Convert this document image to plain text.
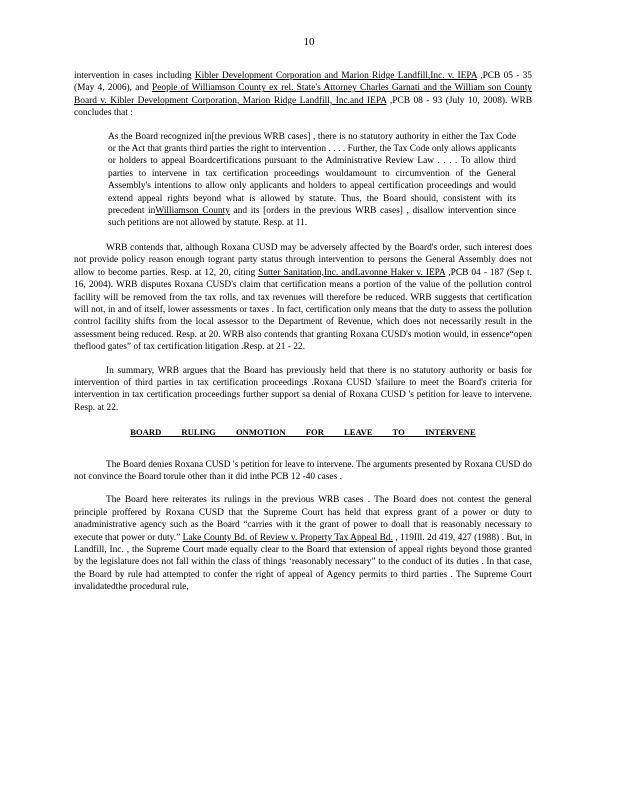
10

intervention in cases including Kibler Development Corporation and Marion Ridge Landfill,Inc. v. IEPA ,PCB 05 - 35 (May 4, 2006), and People of Williamson County ex rel. State's Attorney Charles Garnati and the William son County Board v. Kibler Development Corporation, Marion Ridge Landfill, Inc.and IEPA ,PCB 08 - 93 (July 10, 2008). WRB concludes that :

As the Board recognized in[the previous WRB cases] , there is no statutory authority in either the Tax Code or the Act that grants third parties the right to intervention . . . . Further, the Tax Code only allows applicants or holders to appeal Boardcertifications pursuant to the Administrative Review Law . . . . To allow third parties to intervene in tax certification proceedings wouldamount to circumvention of the General Assembly's intentions to allow only applicants and holders to appeal certification proceedings and would extend appeal rights beyond what is allowed by statute. Thus, the Board should, consistent with its precedent inWilliamson County and its [orders in the previous WRB cases] , disallow intervention since such petitions are not allowed by statute. Resp. at 11.

WRB contends that, although Roxana CUSD may be adversely affected by the Board's order, such interest does not provide policy reason enough togrant party status through intervention to persons the General Assembly does not allow to become parties. Resp. at 12, 20, citing Sutter Sanitation,Inc. andLavonne Haker v. IEPA ,PCB 04 - 187 (Sep t. 16, 2004). WRB disputes Roxana CUSD's claim that certification means a portion of the value of the pollution control facility will be removed from the tax rolls, and tax revenues will therefore be reduced. WRB suggests that certification will not, in and of itself, lower assessments or taxes . In fact, certification only means that the duty to assess the pollution control facility shifts from the local assessor to the Department of Revenue, which does not necessarily result in the assessment being reduced. Resp. at 20. WRB also contends that granting Roxana CUSD's motion would, in essence“open theflood gates” of tax certification litigation .Resp. at 21 - 22.

In summary, WRB argues that the Board has previously held that there is no statutory authority or basis for intervention of third parties in tax certification proceedings .Roxana CUSD 'sfailure to meet the Board's criteria for intervention in tax certification proceedings further support sa denial of Roxana CUSD 's petition for leave to intervene. Resp. at 22.

BOARD RULING ONMOTION FOR LEAVE TO INTERVENE

The Board denies Roxana CUSD 's petition for leave to intervene. The arguments presented by Roxana CUSD do not convince the Board torule other than it did inthe PCB 12 -40 cases .

The Board here reiterates its rulings in the previous WRB cases . The Board does not contest the general principle proffered by Roxana CUSD that the Supreme Court has held that express grant of a power or duty to anadministrative agency such as the Board “carries with it the grant of power to doall that is reasonably necessary to execute that power or duty.” Lake County Bd. of Review v. Property Tax Appeal Bd. , 119Ill. 2d 419, 427 (1988) . But, in Landfill, Inc. , the Supreme Court made equally clear to the Board that extension of appeal rights beyond those granted by the legislature does not fall within the class of things ‘reasonably necessary” to the conduct of its duties . In that case, the Board by rule had attempted to confer the right of appeal of Agency permits to third parties . The Supreme Court invalidatedthe procedural rule,
